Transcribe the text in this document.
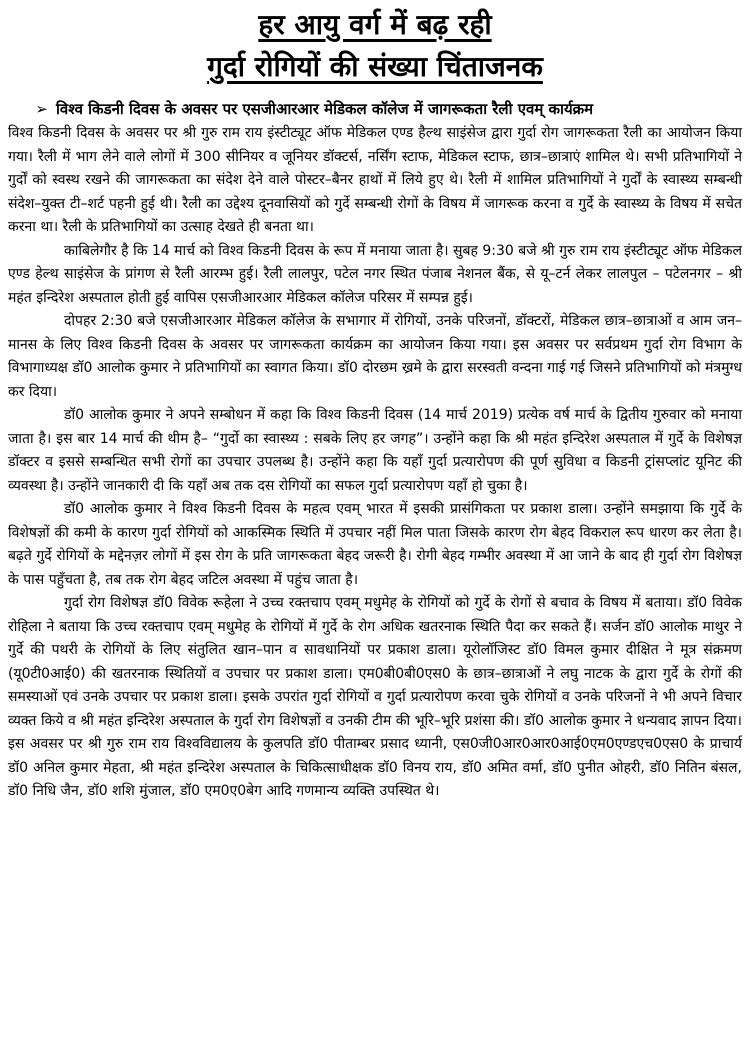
हर आयु वर्ग में बढ़ रही
गुर्दा रोगियों की संख्या चिंताजनक
➢ विश्व किडनी दिवस के अवसर पर एसजीआरआर मेडिकल कॉलेज में जागरूकता रैली एवम् कार्यक्रम

विश्व किडनी दिवस के अवसर पर श्री गुरु राम राय इंस्टीट्यूट ऑफ मेडिकल एण्ड हैल्थ साइंसेज द्वारा गुर्दा रोग जागरूकता रैली का आयोजन किया गया। रैली में भाग लेने वाले लोगों में 300 सीनियर व जूनियर डॉक्टर्स, नर्सिंग स्टाफ, मेडिकल स्टाफ, छात्र–छात्राएं शामिल थे। सभी प्रतिभागियों ने गुर्दों को स्वस्थ रखने की जागरूकता का संदेश देने वाले पोस्टर–बैनर हाथों में लिये हुए थे। रैली में शामिल प्रतिभागियों ने गुर्दों के स्वास्थ्य सम्बन्धी संदेश–युक्त टी–शर्ट पहनी हुई थी। रैली का उद्देश्य दूनवासियों को गुर्दे सम्बन्धी रोगों के विषय में जागरूक करना व गुर्दे के स्वास्थ्य के विषय में सचेत करना था। रैली के प्रतिभागियों का उत्साह देखते ही बनता था।

काबिलेगौर है कि 14 मार्च को विश्व किडनी दिवस के रूप में मनाया जाता है। सुबह 9:30 बजे श्री गुरु राम राय इंस्टीट्यूट ऑफ मेडिकल एण्ड हेल्थ साइंसेज के प्रांगण से रैली आरम्भ हुई। रैली लालपुर, पटेल नगर स्थित पंजाब नेशनल बैंक, से यू–टर्न लेकर लालपुल – पटेलनगर – श्री महंत इन्दिरेश अस्पताल होती हुई वापिस एसजीआरआर मेडिकल कॉलेज परिसर में सम्पन्न हुई।

दोपहर 2:30 बजे एसजीआरआर मेडिकल कॉलेज के सभागार में रोगियों, उनके परिजनों, डॉक्टरों, मेडिकल छात्र–छात्राओं व आम जन–मानस के लिए विश्व किडनी दिवस के अवसर पर जागरूकता कार्यक्रम का आयोजन किया गया। इस अवसर पर सर्वप्रथम गुर्दा रोग विभाग के विभागाध्यक्ष डॉ0 आलोक कुमार ने प्रतिभागियों का स्वागत किया। डॉ0 दोरछम ख्रमे के द्वारा सरस्वती वन्दना गाई गई जिसने प्रतिभागियों को मंत्रमुग्ध कर दिया।

डॉ0 आलोक कुमार ने अपने सम्बोधन में कहा कि विश्व किडनी दिवस (14 मार्च 2019) प्रत्येक वर्ष मार्च के द्वितीय गुरुवार को मनाया जाता है। इस बार 14 मार्च की थीम है– “गुर्दो का स्वास्थ्य : सबके लिए हर जगह”। उन्होंने कहा कि श्री महंत इन्दिरेश अस्पताल में गुर्दे के विशेषज्ञ डॉक्टर व इससे सम्बन्धित सभी रोगों का उपचार उपलब्ध है। उन्होंने कहा कि यहॉं गुर्दा प्रत्यारोपण की पूर्ण सुविधा व किडनी ट्रांसप्लांट यूनिट की व्यवस्था है। उन्होंने जानकारी दी कि यहॉं अब तक दस रोगियों का सफल गुर्दा प्रत्यारोपण यहॉं हो चुका है।

डॉ0 आलोक कुमार ने विश्व किडनी दिवस के महत्व एवम् भारत में इसकी प्रासंगिकता पर प्रकाश डाला। उन्होंने समझाया कि गुर्दे के विशेषज्ञों की कमी के कारण गुर्दा रोगियों को आकस्मिक स्थिति में उपचार नहीं मिल पाता जिसके कारण रोग बेहद विकराल रूप धारण कर लेता है। बढ़ते गुर्दे रोगियों के मद्देनज़र लोगों में इस रोग के प्रति जागरूकता बेहद जरूरी है। रोगी बेहद गम्भीर अवस्था में आ जाने के बाद ही गुर्दा रोग विशेषज्ञ के पास पहुँचता है, तब तक रोग बेहद जटिल अवस्था में पहुंच जाता है।

गुर्दा रोग विशेषज्ञ डॉ0 विवेक रूहेला ने उच्च रक्तचाप एवम् मधुमेह के रोगियों को गुर्दे के रोगों से बचाव के विषय में बताया। डॉ0 विवेक रोहिला ने बताया कि उच्च रक्तचाप एवम् मधुमेह के रोगियों में गुर्दे के रोग अधिक खतरनाक स्थिति पैदा कर सकते हैं। सर्जन डॉ0 आलोक माथुर ने गुर्दे की पथरी के रोगियों के लिए संतुलित खान–पान व सावधानियों पर प्रकाश डाला। यूरोलॉजिस्ट डॉ0 विमल कुमार दीक्षित ने मूत्र संक्रमण (यू0टी0आई0) की खतरनाक स्थितियों व उपचार पर प्रकाश डाला। एम0बी0बी0एस0 के छात्र–छात्राओं ने लघु नाटक के द्वारा गुर्दे के रोगों की समस्याओं एवं उनके उपचार पर प्रकाश डाला। इसके उपरांत गुर्दा रोगियों व गुर्दा प्रत्यारोपण करवा चुके रोगियों व उनके परिजनों ने भी अपने विचार व्यक्त किये व श्री महंत इन्दिरेश अस्पताल के गुर्दा रोग विशेषज्ञों व उनकी टीम की भूरि–भूरि प्रशंसा की। डॉ0 आलोक कुमार ने धन्यवाद ज्ञापन दिया। इस अवसर पर श्री गुरु राम राय विश्वविद्यालय के कुलपति डॉ0 पीताम्बर प्रसाद ध्यानी, एस0जी0आर0आर0आई0एम0एण्डएच0एस0 के प्राचार्य डॉ0 अनिल कुमार मेहता, श्री महंत इन्दिरेश अस्पताल के चिकित्साधीक्षक डॉ0 विनय राय, डॉ0 अमित वर्मा, डॉ0 पुनीत ओहरी, डॉ0 नितिन बंसल, डॉ0 निधि जैन, डॉ0 शशि मुंजाल, डॉ0 एम0ए0बेग आदि गणमान्य व्यक्ति उपस्थित थे।
